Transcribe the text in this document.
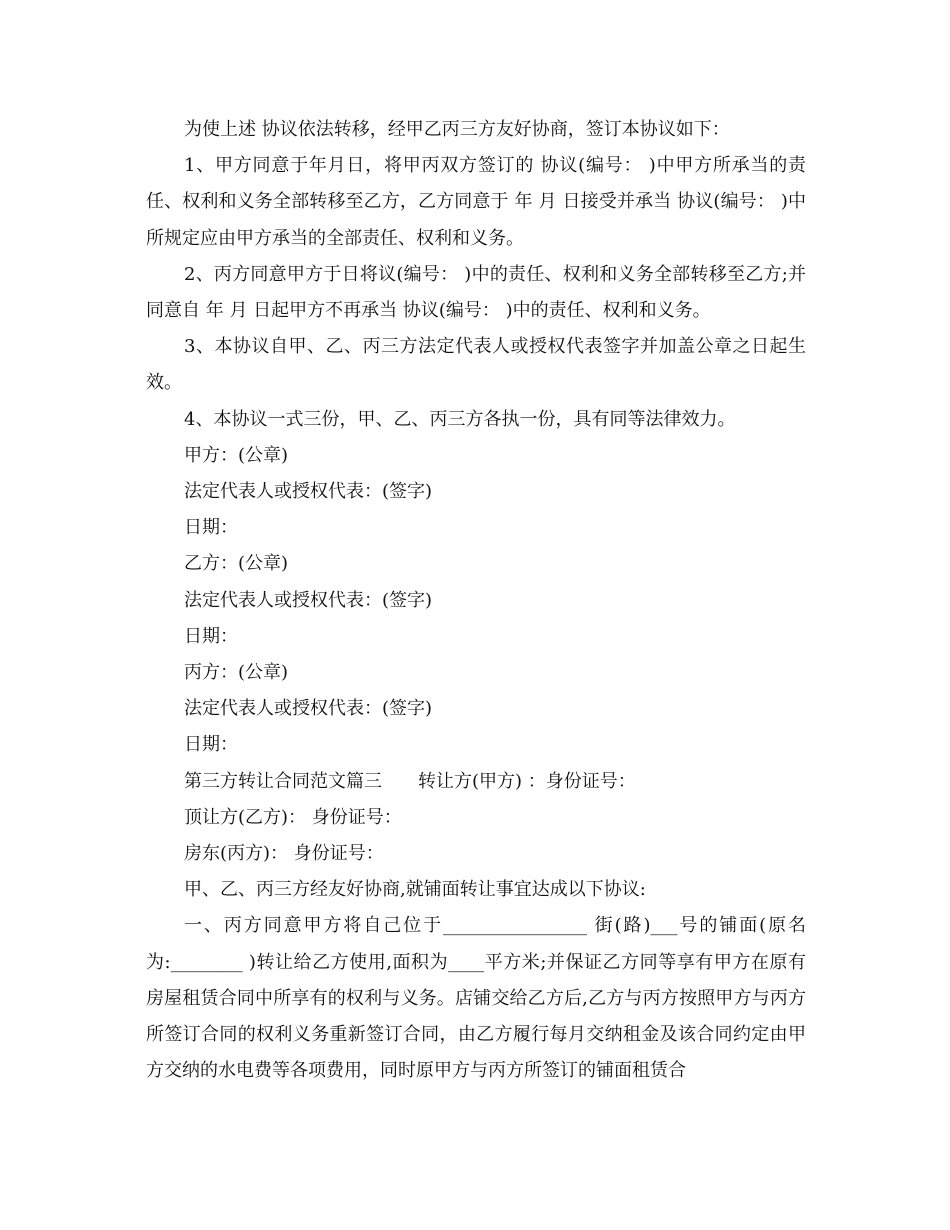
为使上述 协议依法转移，经甲乙丙三方友好协商，签订本协议如下：

1、甲方同意于年月日，将甲丙双方签订的 协议(编号： )中甲方所承当的责任、权利和义务全部转移至乙方，乙方同意于 年 月 日接受并承当 协议(编号： )中所规定应由甲方承当的全部责任、权利和义务。

2、丙方同意甲方于日将议(编号： )中的责任、权利和义务全部转移至乙方;并同意自 年 月 日起甲方不再承当 协议(编号： )中的责任、权利和义务。

3、本协议自甲、乙、丙三方法定代表人或授权代表签字并加盖公章之日起生效。

4、本协议一式三份，甲、乙、丙三方各执一份，具有同等法律效力。

甲方：(公章)

法定代表人或授权代表：(签字)

日期：

乙方：(公章)

法定代表人或授权代表：(签字)

日期：

丙方：(公章)

法定代表人或授权代表：(签字)

日期：

第三方转让合同范文篇三 转让方(甲方) ：身份证号：

顶让方(乙方)： 身份证号：

房东(丙方)： 身份证号：

甲、乙、丙三方经友好协商,就铺面转让事宜达成以下协议:

一、丙方同意甲方将自己位于________________ 街(路)___号的铺面(原名为:________ )转让给乙方使用,面积为____平方米;并保证乙方同等享有甲方在原有房屋租赁合同中所享有的权利与义务。店铺交给乙方后,乙方与丙方按照甲方与丙方所签订合同的权利义务重新签订合同，由乙方履行每月交纳租金及该合同约定由甲方交纳的水电费等各项费用，同时原甲方与丙方所签订的铺面租赁合
